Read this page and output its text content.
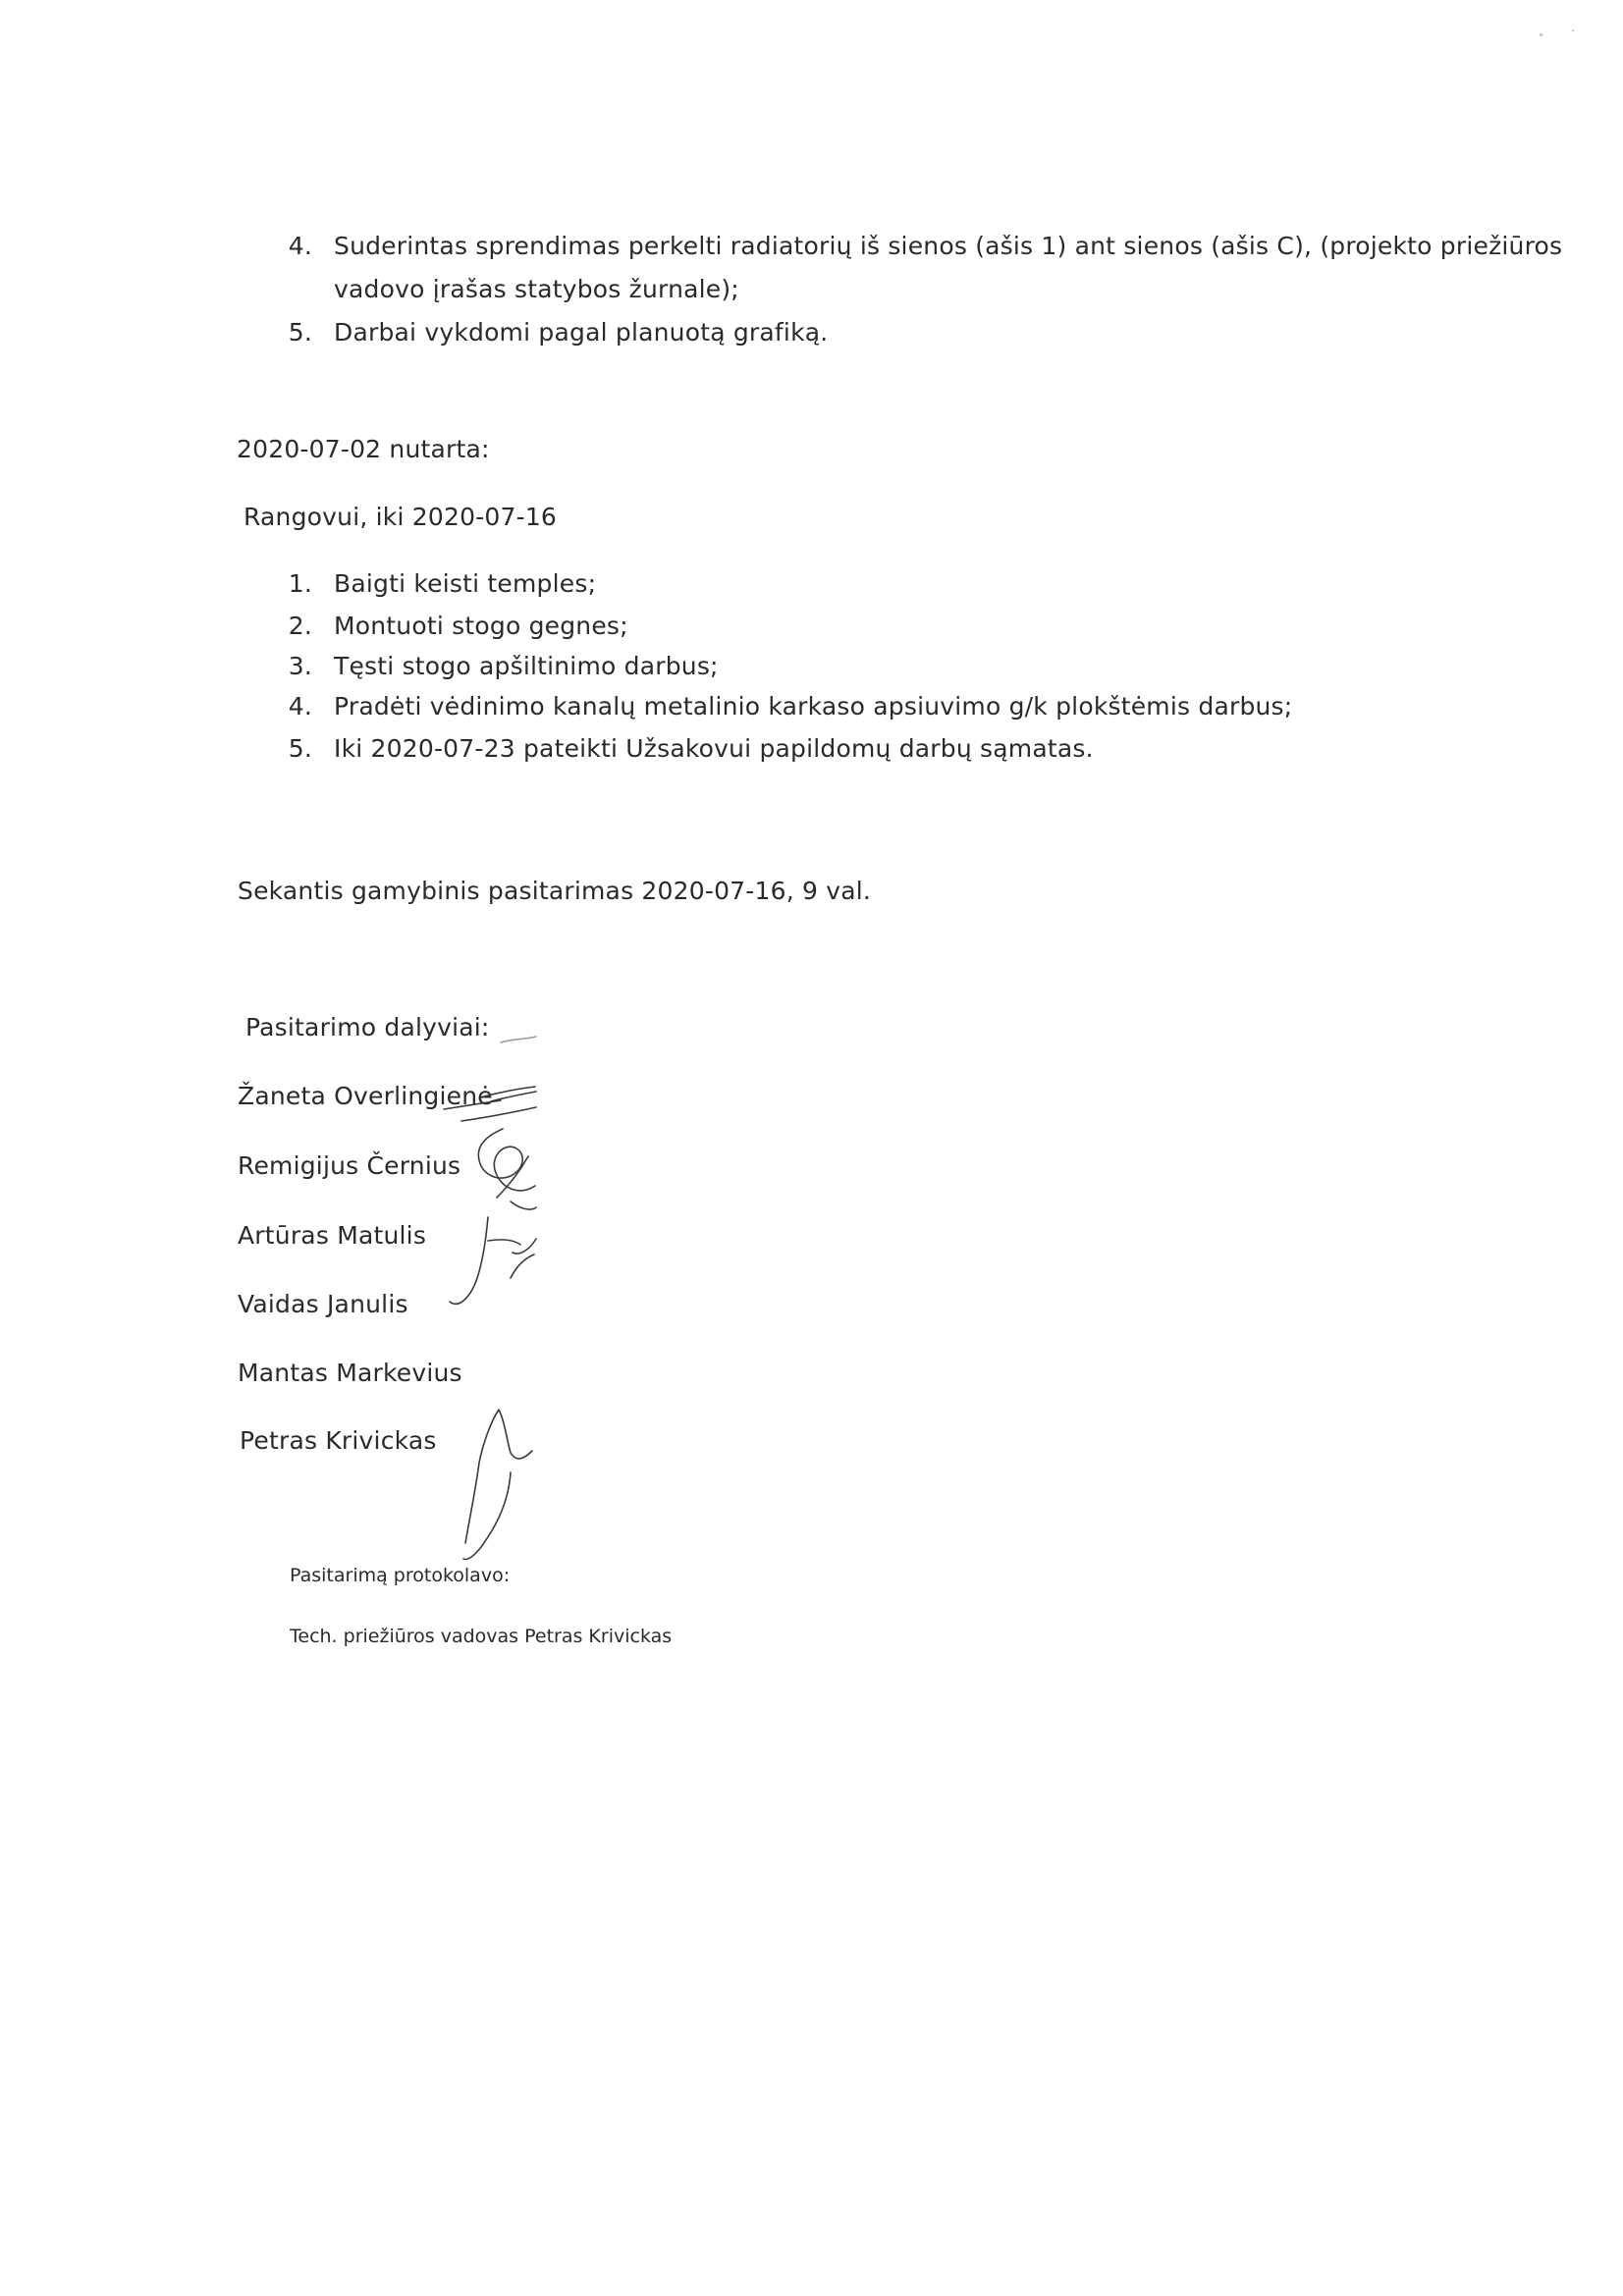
4. Suderintas sprendimas perkelti radiatorių iš sienos (ašis 1) ant sienos (ašis C), (projekto priežiūros
vadovo įrašas statybos žurnale);
5. Darbai vykdomi pagal planuotą grafiką.
2020-07-02 nutarta:
Rangovui, iki 2020-07-16
1. Baigti keisti temples;
2. Montuoti stogo gegnes;
3. Tęsti stogo apšiltinimo darbus;
4. Pradėti vėdinimo kanalų metalinio karkaso apsiuvimo g/k plokštėmis darbus;
5. Iki 2020-07-23 pateikti Užsakovui papildomų darbų sąmatas.
Sekantis gamybinis pasitarimas 2020-07-16, 9 val.
Pasitarimo dalyviai:
Žaneta Overlingienė
Remigijus Černius
Artūras Matulis
Vaidas Janulis
Mantas Markevius
Petras Krivickas
Pasitarimą protokolavo:
Tech. priežiūros vadovas Petras Krivickas
